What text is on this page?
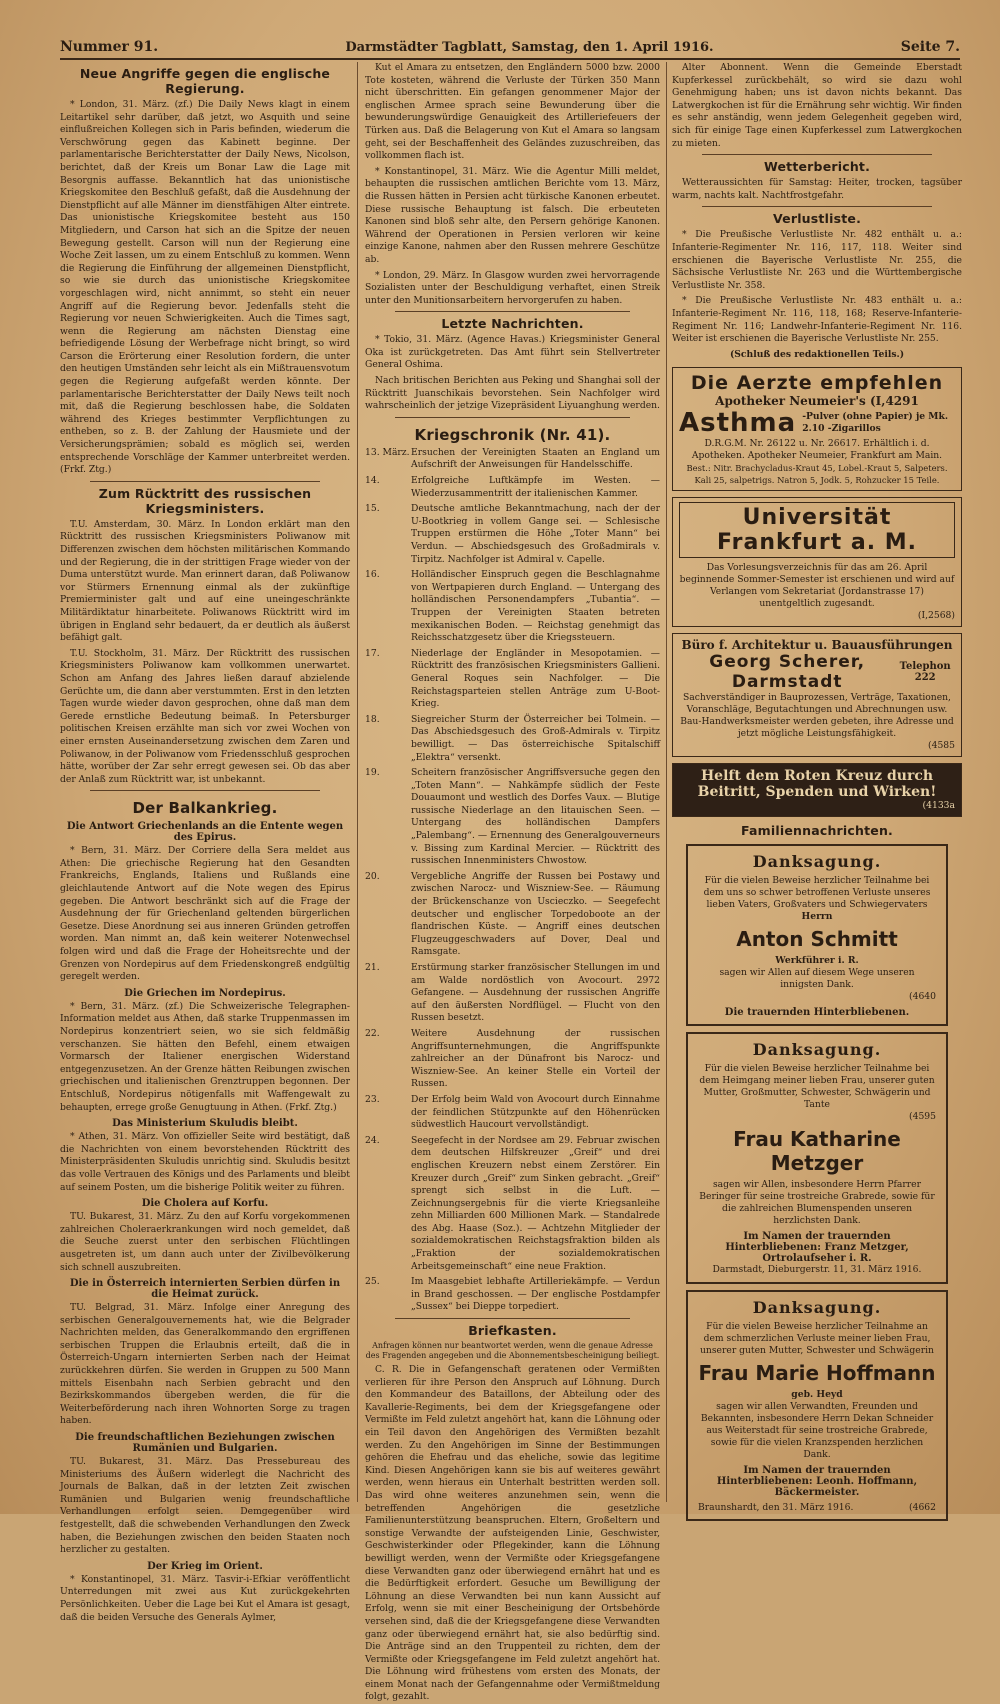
Nummer 91.	Darmstädter Tagblatt, Samstag, den 1. April 1916.	Seite 7.
Neue Angriffe gegen die englische Regierung.

* London, 31. März. (zf.) Die Daily News klagt in einem Leitartikel sehr darüber, daß jetzt, wo Asquith und seine einflußreichen Kollegen sich in Paris befinden, wiederum die Verschwörung gegen das Kabinett beginne. Der parlamentarische Berichterstatter der Daily News, Nicolson, berichtet, daß der Kreis um Bonar Law die Lage mit Besorgnis auffasse. Bekanntlich hat das unionistische Kriegskomitee den Beschluß gefaßt, daß die Ausdehnung der Dienstpflicht auf alle Männer im dienstfähigen Alter eintrete. Das unionistische Kriegskomitee besteht aus 150 Mitgliedern, und Carson hat sich an die Spitze der neuen Bewegung gestellt. Carson will nun der Regierung eine Woche Zeit lassen, um zu einem Entschluß zu kommen. Wenn die Regierung die Einführung der allgemeinen Dienstpflicht, so wie sie durch das unionistische Kriegskomitee vorgeschlagen wird, nicht annimmt, so steht ein neuer Angriff auf die Regierung bevor. Jedenfalls steht die Regierung vor neuen Schwierigkeiten. Auch die Times sagt, wenn die Regierung am nächsten Dienstag eine befriedigende Lösung der Werbefrage nicht bringt, so wird Carson die Erörterung einer Resolution fordern, die unter den heutigen Umständen sehr leicht als ein Mißtrauensvotum gegen die Regierung aufgefaßt werden könnte. Der parlamentarische Berichterstatter der Daily News teilt noch mit, daß die Regierung beschlossen habe, die Soldaten während des Krieges bestimmter Verpflichtungen zu entheben, so z. B. der Zahlung der Hausmiete und der Versicherungsprämien; sobald es möglich sei, werden entsprechende Vorschläge der Kammer unterbreitet werden. (Frkf. Ztg.)

Zum Rücktritt des russischen Kriegsministers.

T.U. Amsterdam, 30. März. In London erklärt man den Rücktritt des russischen Kriegsministers Poliwanow mit Differenzen zwischen dem höchsten militärischen Kommando und der Regierung, die in der strittigen Frage wieder von der Duma unterstützt wurde. Man erinnert daran, daß Poliwanow vor Stürmers Ernennung einmal als der zukünftige Premierminister galt und auf eine uneingeschränkte Militärdiktatur hinarbeitete. Poliwanows Rücktritt wird im übrigen in England sehr bedauert, da er deutlich als äußerst befähigt galt.

T.U. Stockholm, 31. März. Der Rücktritt des russischen Kriegsministers Poliwanow kam vollkommen unerwartet. Schon am Anfang des Jahres ließen darauf abzielende Gerüchte um, die dann aber verstummten. Erst in den letzten Tagen wurde wieder davon gesprochen, ohne daß man dem Gerede ernstliche Bedeutung beimaß. In Petersburger politischen Kreisen erzählte man sich vor zwei Wochen von einer ernsten Auseinandersetzung zwischen dem Zaren und Poliwanow, in der Poliwanow vom Friedensschluß gesprochen hätte, worüber der Zar sehr erregt gewesen sei. Ob das aber der Anlaß zum Rücktritt war, ist unbekannt.

Der Balkankrieg.
Die Antwort Griechenlands an die Entente wegen des Epirus.

* Bern, 31. März. Der Corriere della Sera meldet aus Athen: Die griechische Regierung hat den Gesandten Frankreichs, Englands, Italiens und Rußlands eine gleichlautende Antwort auf die Note wegen des Epirus gegeben. Die Antwort beschränkt sich auf die Frage der Ausdehnung der für Griechenland geltenden bürgerlichen Gesetze. Diese Anordnung sei aus inneren Gründen getroffen worden. Man nimmt an, daß kein weiterer Notenwechsel folgen wird und daß die Frage der Hoheitsrechte und der Grenzen von Nordepirus auf dem Friedenskongreß endgültig geregelt werden.

Die Griechen im Nordepirus.

* Bern, 31. März. (zf.) Die Schweizerische Telegraphen-Information meldet aus Athen, daß starke Truppenmassen im Nordepirus konzentriert seien, wo sie sich feldmäßig verschanzen. Sie hätten den Befehl, einem etwaigen Vormarsch der Italiener energischen Widerstand entgegenzusetzen. An der Grenze hätten Reibungen zwischen griechischen und italienischen Grenztruppen begonnen. Der Entschluß, Nordepirus nötigenfalls mit Waffengewalt zu behaupten, errege große Genugtuung in Athen. (Frkf. Ztg.)

Das Ministerium Skuludis bleibt.

* Athen, 31. März. Von offizieller Seite wird bestätigt, daß die Nachrichten von einem bevorstehenden Rücktritt des Ministerpräsidenten Skuludis unrichtig sind. Skuludis besitzt das volle Vertrauen des Königs und des Parlaments und bleibt auf seinem Posten, um die bisherige Politik weiter zu führen.

Die Cholera auf Korfu.

TU. Bukarest, 31. März. Zu den auf Korfu vorgekommenen zahlreichen Choleraerkrankungen wird noch gemeldet, daß die Seuche zuerst unter den serbischen Flüchtlingen ausgetreten ist, um dann auch unter der Zivilbevölkerung sich schnell auszubreiten.

Die in Österreich internierten Serbien dürfen in die Heimat zurück.

TU. Belgrad, 31. März. Infolge einer Anregung des serbischen Generalgouvernements hat, wie die Belgrader Nachrichten melden, das Generalkommando den ergriffenen serbischen Truppen die Erlaubnis erteilt, daß die in Österreich-Ungarn internierten Serben nach der Heimat zurückkehren dürfen. Sie werden in Gruppen zu 500 Mann mittels Eisenbahn nach Serbien gebracht und den Bezirkskommandos übergeben werden, die für die Weiterbeförderung nach ihren Wohnorten Sorge zu tragen haben.

Die freundschaftlichen Beziehungen zwischen Rumänien und Bulgarien.

TU. Bukarest, 31. März. Das Pressebureau des Ministeriums des Äußern widerlegt die Nachricht des Journals de Balkan, daß in der letzten Zeit zwischen Rumänien und Bulgarien wenig freundschaftliche Verhandlungen erfolgt seien. Demgegenüber wird festgestellt, daß die schwebenden Verhandlungen den Zweck haben, die Beziehungen zwischen den beiden Staaten noch herzlicher zu gestalten.

Der Krieg im Orient.

* Konstantinopel, 31. März. Tasvir-i-Efkiar veröffentlicht Unterredungen mit zwei aus Kut zurückgekehrten Persönlichkeiten. Ueber die Lage bei Kut el Amara ist gesagt, daß die beiden Versuche des Generals Aylmer,

Kut el Amara zu entsetzen, den Engländern 5000 bzw. 2000 Tote kosteten, während die Verluste der Türken 350 Mann nicht überschritten. Ein gefangen genommener Major der englischen Armee sprach seine Bewunderung über die bewunderungswürdige Genauigkeit des Artilleriefeuers der Türken aus. Daß die Belagerung von Kut el Amara so langsam geht, sei der Beschaffenheit des Geländes zuzuschreiben, das vollkommen flach ist.

* Konstantinopel, 31. März. Wie die Agentur Milli meldet, behaupten die russischen amtlichen Berichte vom 13. März, die Russen hätten in Persien acht türkische Kanonen erbeutet. Diese russische Behauptung ist falsch. Die erbeuteten Kanonen sind bloß sehr alte, den Persern gehörige Kanonen. Während der Operationen in Persien verloren wir keine einzige Kanone, nahmen aber den Russen mehrere Geschütze ab.

* London, 29. März. In Glasgow wurden zwei hervorragende Sozialisten unter der Beschuldigung verhaftet, einen Streik unter den Munitionsarbeitern hervorgerufen zu haben.

Letzte Nachrichten.

* Tokio, 31. März. (Agence Havas.) Kriegsminister General Oka ist zurückgetreten. Das Amt führt sein Stellvertreter General Oshima.

Nach britischen Berichten aus Peking und Shanghai soll der Rücktritt Juanschikais bevorstehen. Sein Nachfolger wird wahrscheinlich der jetzige Vizepräsident Liyuanghung werden.

Kriegschronik (Nr. 41).
13. März. Ersuchen der Vereinigten Staaten an England um Aufschrift der Anweisungen für Handelsschiffe.
14.	Erfolgreiche Luftkämpfe im Westen. — Wiederzusammentritt der italienischen Kammer.
15.	Deutsche amtliche Bekanntmachung, nach der der U-Bootkrieg in vollem Gange sei. — Schlesische Truppen erstürmen die Höhe „Toter Mann“ bei Verdun. — Abschiedsgesuch des Großadmirals v. Tirpitz. Nachfolger ist Admiral v. Capelle.
16.	Holländischer Einspruch gegen die Beschlagnahme von Wertpapieren durch England. — Untergang des holländischen Personendampfers „Tubantia“. — Truppen der Vereinigten Staaten betreten mexikanischen Boden. — Reichstag genehmigt das Reichsschatzgesetz über die Kriegssteuern.
17.	Niederlage der Engländer in Mesopotamien. — Rücktritt des französischen Kriegsministers Gallieni. General Roques sein Nachfolger. — Die Reichstagsparteien stellen Anträge zum U-Boot-Krieg.
18.	Siegreicher Sturm der Österreicher bei Tolmein. — Das Abschiedsgesuch des Groß-Admirals v. Tirpitz bewilligt. — Das österreichische Spitalschiff „Elektra“ versenkt.
19.	Scheitern französischer Angriffsversuche gegen den „Toten Mann“. — Nahkämpfe südlich der Feste Douaumont und westlich des Dorfes Vaux. — Blutige russische Niederlage an den litauischen Seen. — Untergang des holländischen Dampfers „Palembang“. — Ernennung des Generalgouverneurs v. Bissing zum Kardinal Mercier. — Rücktritt des russischen Innenministers Chwostow.
20.	Vergebliche Angriffe der Russen bei Postawy und zwischen Narocz- und Wiszniew-See. — Räumung der Brückenschanze von Uscieczko. — Seegefecht deutscher und englischer Torpedoboote an der flandrischen Küste. — Angriff eines deutschen Flugzeuggeschwaders auf Dover, Deal und Ramsgate.
21.	Erstürmung starker französischer Stellungen im und am Walde nordöstlich von Avocourt. 2972 Gefangene. — Ausdehnung der russischen Angriffe auf den äußersten Nordflügel. — Flucht von den Russen besetzt.
22.	Weitere Ausdehnung der russischen Angriffsunternehmungen, die Angriffspunkte zahlreicher an der Dünafront bis Narocz- und Wiszniew-See. An keiner Stelle ein Vorteil der Russen.
23.	Der Erfolg beim Wald von Avocourt durch Einnahme der feindlichen Stützpunkte auf den Höhenrücken südwestlich Haucourt vervollständigt.
24.	Seegefecht in der Nordsee am 29. Februar zwischen dem deutschen Hilfskreuzer „Greif“ und drei englischen Kreuzern nebst einem Zerstörer. Ein Kreuzer durch „Greif“ zum Sinken gebracht. „Greif“ sprengt sich selbst in die Luft. — Zeichnungsergebnis für die vierte Kriegsanleihe zehn Milliarden 600 Millionen Mark. — Standalrede des Abg. Haase (Soz.). — Achtzehn Mitglieder der sozialdemokratischen Reichstagsfraktion bilden als „Fraktion der sozialdemokratischen Arbeitsgemeinschaft“ eine neue Fraktion.
25.	Im Maasgebiet lebhafte Artilleriekämpfe. — Verdun in Brand geschossen. — Der englische Postdampfer „Sussex“ bei Dieppe torpediert.
Briefkasten.

Anfragen können nur beantwortet werden, wenn die genaue Adresse des Fragenden angegeben und die Abonnementsbescheinigung beiliegt.

C. R. Die in Gefangenschaft geratenen oder Vermißten verlieren für ihre Person den Anspruch auf Löhnung. Durch den Kommandeur des Bataillons, der Abteilung oder des Kavallerie-Regiments, bei dem der Kriegsgefangene oder Vermißte im Feld zuletzt angehört hat, kann die Löhnung oder ein Teil davon den Angehörigen des Vermißten bezahlt werden. Zu den Angehörigen im Sinne der Bestimmungen gehören die Ehefrau und das eheliche, sowie das legitime Kind. Diesen Angehörigen kann sie bis auf weiteres gewährt werden, wenn hieraus ein Unterhalt bestritten werden soll. Das wird ohne weiteres anzunehmen sein, wenn die betreffenden Angehörigen die gesetzliche Familienunterstützung beanspruchen. Eltern, Großeltern und sonstige Verwandte der aufsteigenden Linie, Geschwister, Geschwisterkinder oder Pflegekinder, kann die Löhnung bewilligt werden, wenn der Vermißte oder Kriegsgefangene diese Verwandten ganz oder überwiegend ernährt hat und es die Bedürftigkeit erfordert. Gesuche um Bewilligung der Löhnung an diese Verwandten bei nun kann Aussicht auf Erfolg, wenn sie mit einer Bescheinigung der Ortsbehörde versehen sind, daß die der Kriegsgefangene diese Verwandten ganz oder überwiegend ernährt hat, sie also bedürftig sind. Die Anträge sind an den Truppenteil zu richten, dem der Vermißte oder Kriegsgefangene im Feld zuletzt angehört hat. Die Löhnung wird frühestens vom ersten des Monats, der einem Monat nach der Gefangennahme oder Vermißtmeldung folgt, gezahlt.

Alter Abonnent. Wenn die Gemeinde Eberstadt Kupferkessel zurückbehält, so wird sie dazu wohl Genehmigung haben; uns ist davon nichts bekannt. Das Latwergkochen ist für die Ernährung sehr wichtig. Wir finden es sehr anständig, wenn jedem Gelegenheit gegeben wird, sich für einige Tage einen Kupferkessel zum Latwergkochen zu mieten.

Wetterbericht.

Wetteraussichten für Samstag: Heiter, trocken, tagsüber warm, nachts kalt. Nachtfrostgefahr.

Verlustliste.

* Die Preußische Verlustliste Nr. 482 enthält u. a.: Infanterie-Regimenter Nr. 116, 117, 118. Weiter sind erschienen die Bayerische Verlustliste Nr. 255, die Sächsische Verlustliste Nr. 263 und die Württembergische Verlustliste Nr. 358.

* Die Preußische Verlustliste Nr. 483 enthält u. a.: Infanterie-Regiment Nr. 116, 118, 168; Reserve-Infanterie-Regiment Nr. 116; Landwehr-Infanterie-Regiment Nr. 116. Weiter ist erschienen die Bayerische Verlustliste Nr. 255.

(Schluß des redaktionellen Teils.)

Die Aerzte empfehlen
Apotheker Neumeier's (I,4291
Asthma -Pulver (ohne Papier) je Mk. 2.10 -Zigarillos
D.R.G.M. Nr. 26122 u. Nr. 26617. Erhältlich i. d. Apotheken. Apotheker Neumeier, Frankfurt am Main.
Best.: Nitr. Brachycladus-Kraut 45, Lobel.-Kraut 5, Salpeters. Kali 25, salpetrigs. Natron 5, Jodk. 5, Rohzucker 15 Teile.
Universität Frankfurt a. M.
Das Vorlesungsverzeichnis für das am 26. April beginnende Sommer-Semester ist erschienen und wird auf Verlangen vom Sekretariat (Jordanstrasse 17) unentgeltlich zugesandt.
(I,2568)
Büro f. Architektur u. Bauausführungen
Georg Scherer, Darmstadt
Telephon 222
Sachverständiger in Bauprozessen, Verträge, Taxationen, Voranschläge, Begutachtungen und Abrechnungen usw. Bau-Handwerksmeister werden gebeten, ihre Adresse und jetzt mögliche Leistungsfähigkeit.
(4585
Helft dem Roten Kreuz durch Beitritt, Spenden und Wirken!
(4133a
Familiennachrichten.
Danksagung.
Für die vielen Beweise herzlicher Teilnahme bei dem uns so schwer betroffenen Verluste unseres lieben Vaters, Großvaters und Schwiegervaters
Herrn
Anton Schmitt
Werkführer i. R.
sagen wir Allen auf diesem Wege unseren innigsten Dank.
(4640
Die trauernden Hinterbliebenen.
Danksagung.
Für die vielen Beweise herzlicher Teilnahme bei dem Heimgang meiner lieben Frau, unserer guten Mutter, Großmutter, Schwester, Schwägerin und Tante
(4595
Frau Katharine Metzger
sagen wir Allen, insbesondere Herrn Pfarrer Beringer für seine trostreiche Grabrede, sowie für die zahlreichen Blumenspenden unseren herzlichsten Dank.
Im Namen der trauernden Hinterbliebenen: Franz Metzger, Ortrolaufseher i. R.
Darmstadt, Dieburgerstr. 11, 31. März 1916.
Danksagung.
Für die vielen Beweise herzlicher Teilnahme an dem schmerzlichen Verluste meiner lieben Frau, unserer guten Mutter, Schwester und Schwägerin
Frau Marie Hoffmann
geb. Heyd
sagen wir allen Verwandten, Freunden und Bekannten, insbesondere Herrn Dekan Schneider aus Weiterstadt für seine trostreiche Grabrede, sowie für die vielen Kranzspenden herzlichen Dank.
Im Namen der trauernden Hinterbliebenen: Leonh. Hoffmann, Bäckermeister.
Braunshardt, den 31. März 1916.	(4662
